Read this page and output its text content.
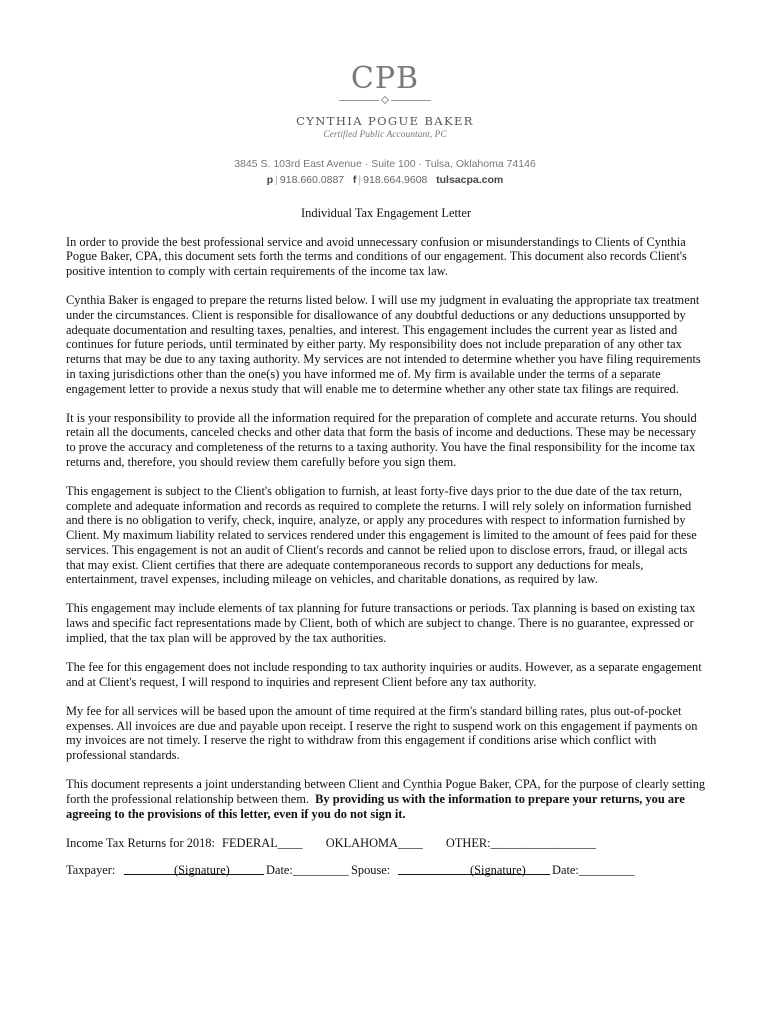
CPB
CYNTHIA POGUE BAKER
Certified Public Accountant, PC
3845 S. 103rd East Avenue · Suite 100 · Tulsa, Oklahoma 74146
p | 918.660.0887 f | 918.664.9608 tulsacpa.com
Individual Tax Engagement Letter

In order to provide the best professional service and avoid unnecessary confusion or misunderstandings to Clients of Cynthia Pogue Baker, CPA, this document sets forth the terms and conditions of our engagement. This document also records Client's positive intention to comply with certain requirements of the income tax law.

Cynthia Baker is engaged to prepare the returns listed below. I will use my judgment in evaluating the appropriate tax treatment under the circumstances. Client is responsible for disallowance of any doubtful deductions or any deductions unsupported by adequate documentation and resulting taxes, penalties, and interest. This engagement includes the current year as listed and continues for future periods, until terminated by either party. My responsibility does not include preparation of any other tax returns that may be due to any taxing authority. My services are not intended to determine whether you have filing requirements in taxing jurisdictions other than the one(s) you have informed me of. My firm is available under the terms of a separate engagement letter to provide a nexus study that will enable me to determine whether any other state tax filings are required.

It is your responsibility to provide all the information required for the preparation of complete and accurate returns. You should retain all the documents, canceled checks and other data that form the basis of income and deductions. These may be necessary to prove the accuracy and completeness of the returns to a taxing authority. You have the final responsibility for the income tax returns and, therefore, you should review them carefully before you sign them.

This engagement is subject to the Client's obligation to furnish, at least forty-five days prior to the due date of the tax return, complete and adequate information and records as required to complete the returns. I will rely solely on information furnished and there is no obligation to verify, check, inquire, analyze, or apply any procedures with respect to information furnished by Client. My maximum liability related to services rendered under this engagement is limited to the amount of fees paid for these services. This engagement is not an audit of Client's records and cannot be relied upon to disclose errors, fraud, or illegal acts that may exist. Client certifies that there are adequate contemporaneous records to support any deductions for meals, entertainment, travel expenses, including mileage on vehicles, and charitable donations, as required by law.

This engagement may include elements of tax planning for future transactions or periods. Tax planning is based on existing tax laws and specific fact representations made by Client, both of which are subject to change. There is no guarantee, expressed or implied, that the tax plan will be approved by the tax authorities.

The fee for this engagement does not include responding to tax authority inquiries or audits. However, as a separate engagement and at Client's request, I will respond to inquiries and represent Client before any tax authority.

My fee for all services will be based upon the amount of time required at the firm's standard billing rates, plus out-of-pocket expenses. All invoices are due and payable upon receipt. I reserve the right to suspend work on this engagement if payments on my invoices are not timely. I reserve the right to withdraw from this engagement if conditions arise which conflict with professional standards.

This document represents a joint understanding between Client and Cynthia Pogue Baker, CPA, for the purpose of clearly setting forth the professional relationship between them. By providing us with the information to prepare your returns, you are agreeing to the provisions of this letter, even if you do not sign it.

Income Tax Returns for 2018: FEDERAL____ OKLAHOMA____ OTHER:_________________
Taxpayer:	Date:_________ Spouse:	Date:_________
(Signature)	(Signature)
